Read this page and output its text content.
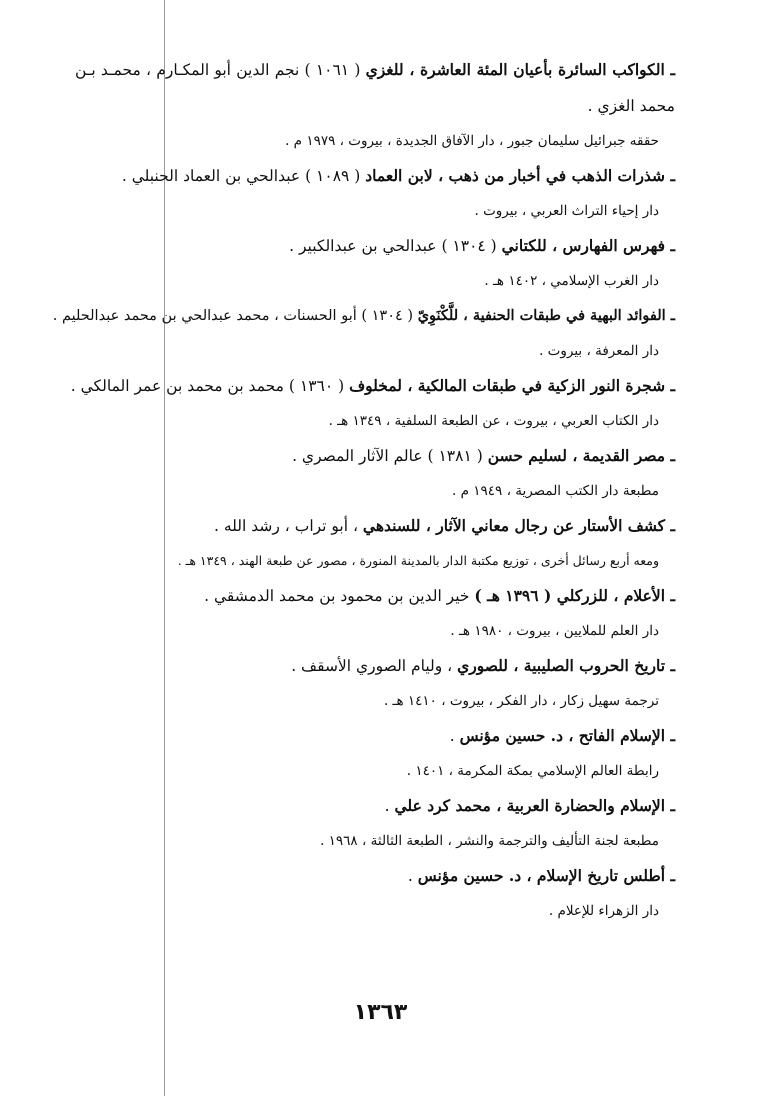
ـ الكواكب السائرة بأعيان المئة العاشرة ، للغزي ( ١٠٦١ ) نجم الدين أبو المكـارم ، محمـد بـن محمد الغزي .
حققه جبرائيل سليمان جبور ، دار الآفاق الجديدة ، بيروت ، ١٩٧٩ م .
ـ شذرات الذهب في أخبار من ذهب ، لابن العماد ( ١٠٨٩ ) عبدالحي بن العماد الحنبلي .
دار إحياء التراث العربي ، بيروت .
ـ فهرس الفهارس ، للكتاني ( ١٣٠٤ ) عبدالحي بن عبدالكبير .
دار الغرب الإسلامي ، ١٤٠٢ هـ .
ـ الفوائد البهية في طبقات الحنفية ، للَّكْنَوِيّ ( ١٣٠٤ ) أبو الحسنات ، محمد عبدالحي بن محمد عبدالحليم .
دار المعرفة ، بيروت .
ـ شجرة النور الزكية في طبقات المالكية ، لمخلوف ( ١٣٦٠ ) محمد بن محمد بن عمر المالكي .
دار الكتاب العربي ، بيروت ، عن الطبعة السلفية ، ١٣٤٩ هـ .
ـ مصر القديمة ، لسليم حسن ( ١٣٨١ ) عالم الآثار المصري .
مطبعة دار الكتب المصرية ، ١٩٤٩ م .
ـ كشف الأستار عن رجال معاني الآثار ، للسندهي ، أبو تراب ، رشد الله .
ومعه أربع رسائل أخرى ، توزيع مكتبة الدار بالمدينة المنورة ، مصور عن طبعة الهند ، ١٣٤٩ هـ .
ـ الأعلام ، للزركلي ( ١٣٩٦ هـ ) خير الدين بن محمود بن محمد الدمشقي .
دار العلم للملايين ، بيروت ، ١٩٨٠ هـ .
ـ تاريخ الحروب الصليبية ، للصوري ، وليام الصوري الأسقف .
ترجمة سهيل زكار ، دار الفكر ، بيروت ، ١٤١٠ هـ .
ـ الإسلام الفاتح ، د. حسين مؤنس .
رابطة العالم الإسلامي بمكة المكرمة ، ١٤٠١ .
ـ الإسلام والحضارة العربية ، محمد كرد علي .
مطبعة لجنة التأليف والترجمة والنشر ، الطبعة الثالثة ، ١٩٦٨ .
ـ أطلس تاريخ الإسلام ، د. حسين مؤنس .
دار الزهراء للإعلام .
١٣٦٣
